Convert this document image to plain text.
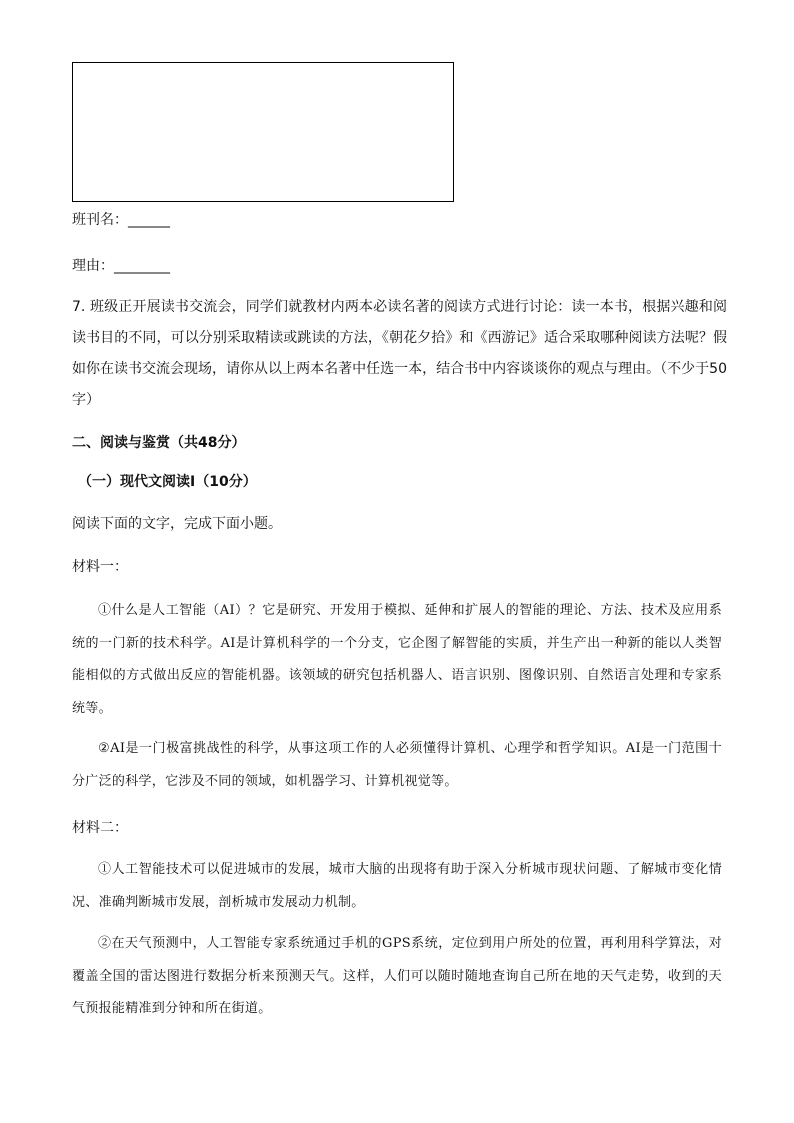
班刊名：______
理由：________
7. 班级正开展读书交流会，同学们就教材内两本必读名著的阅读方式进行讨论：读一本书，根据兴趣和阅读书目的不同，可以分别采取精读或跳读的方法，《朝花夕拾》和《西游记》适合采取哪种阅读方法呢？假如你在读书交流会现场，请你从以上两本名著中任选一本，结合书中内容谈谈你的观点与理由。（不少于50字）
二、阅读与鉴赏（共48分）
（一）现代文阅读Ⅰ（10分）
阅读下面的文字，完成下面小题。
材料一：
①什么是人工智能（AI）？它是研究、开发用于模拟、延伸和扩展人的智能的理论、方法、技术及应用系统的一门新的技术科学。AI是计算机科学的一个分支，它企图了解智能的实质，并生产出一种新的能以人类智能相似的方式做出反应的智能机器。该领域的研究包括机器人、语言识别、图像识别、自然语言处理和专家系统等。
②AI是一门极富挑战性的科学，从事这项工作的人必须懂得计算机、心理学和哲学知识。AI是一门范围十分广泛的科学，它涉及不同的领域，如机器学习、计算机视觉等。
材料二：
①人工智能技术可以促进城市的发展，城市大脑的出现将有助于深入分析城市现状问题、了解城市变化情况、准确判断城市发展，剖析城市发展动力机制。
②在天气预测中，人工智能专家系统通过手机的GPS系统，定位到用户所处的位置，再利用科学算法，对覆盖全国的雷达图进行数据分析来预测天气。这样，人们可以随时随地查询自己所在地的天气走势，收到的天气预报能精准到分钟和所在街道。
